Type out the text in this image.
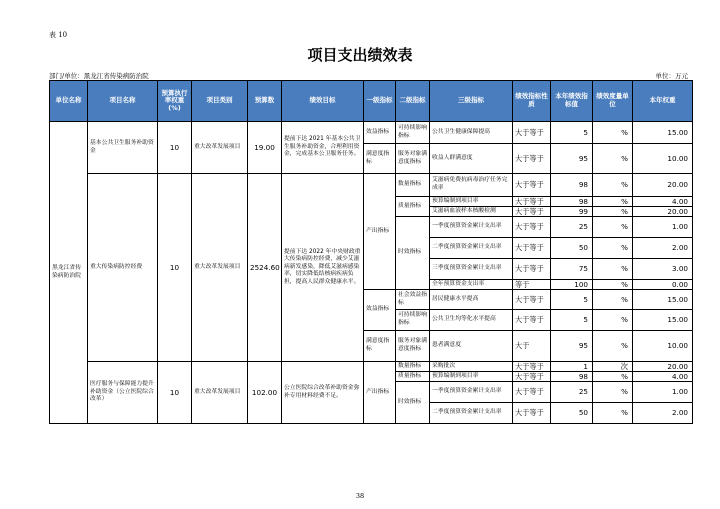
表 10
项目支出绩效表
部门/单位：黑龙江省传染病防治院	单位：万元
单位名称	项目名称	预算执行率权重(%)	项目类别	预算数	绩效目标	一级指标	二级指标	三级指标	绩效指标性质	本年绩效指标值	绩效度量单位	本年权重
黑龙江省传染病防治院	基本公共卫生服务补助资金	10	重大改革发展项目	19.00	提前下达 2021 年基本公共卫生服务补助资金，合理利用资金，完成基本公卫服务任务。	效益指标	可持续影响指标	公共卫生健康保障提高	大于等于	5	%	15.00
						满意度指标	服务对象满意度指标	收益人群满意度	大于等于	95	%	10.00
	重大传染病防控经费	10	重大改革发展项目	2524.60	提前下达 2022 年中央财政重大传染病防控经费，减少艾滋病新发感染，降低艾滋病感染率，切实降低结核病疾病负担，提高人民群众健康水平。	产出指标	数量指标	艾滋病免费抗病毒治疗任务完成率	大于等于	98	%	20.00
							质量指标	预算编制到项目率	大于等于	98	%	4.00
								艾滋病血液样本核酸检测	大于等于	99	%	20.00
							时效指标	一季度预算资金累计支出率	大于等于	25	%	1.00
								二季度预算资金累计支出率	大于等于	50	%	2.00
								三季度预算资金累计支出率	大于等于	75	%	3.00
								全年预算资金支出率	等于	100	%	0.00
						效益指标	社会效益指标	居民健康水平提高	大于等于	5	%	15.00
							可持续影响指标	公共卫生均等化水平提高	大于等于	5	%	15.00
						满意度指标	服务对象满意度指标	患者满意度	大于	95	%	10.00
	医疗服务与保障能力提升补助资金（公立医院综合改革）	10	重大改革发展项目	102.00	公立医院综合改革补助资金弥补专用材料经费不足。	产出指标	数量指标	采购批次	大于等于	1	次	20.00
							质量指标	预算编制到项目率	大于等于	98	%	4.00
							时效指标	一季度预算资金累计支出率	大于等于	25	%	1.00
								二季度预算资金累计支出率	大于等于	50	%	2.00
38
